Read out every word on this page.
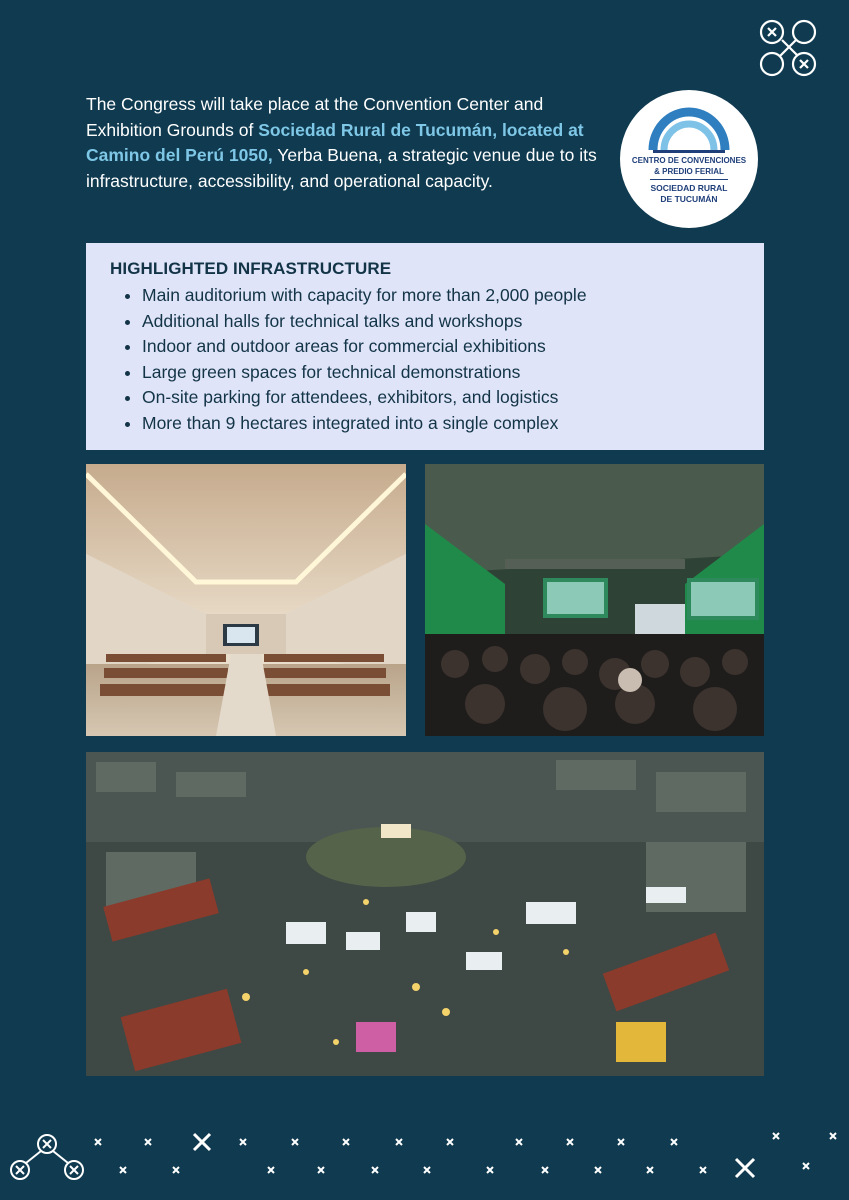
The Congress will take place at the Convention Center and Exhibition Grounds of Sociedad Rural de Tucumán, located at Camino del Perú 1050, Yerba Buena, a strategic venue due to its infrastructure, accessibility, and operational capacity.

CENTRO DE CONVENCIONES
& PREDIO FERIAL
SOCIEDAD RURAL
DE TUCUMÁN
HIGHLIGHTED INFRASTRUCTURE
• Main auditorium with capacity for more than 2,000 people
• Additional halls for technical talks and workshops
• Indoor and outdoor areas for commercial exhibitions
• Large green spaces for technical demonstrations
• On-site parking for attendees, exhibitors, and logistics
• More than 9 hectares integrated into a single complex
